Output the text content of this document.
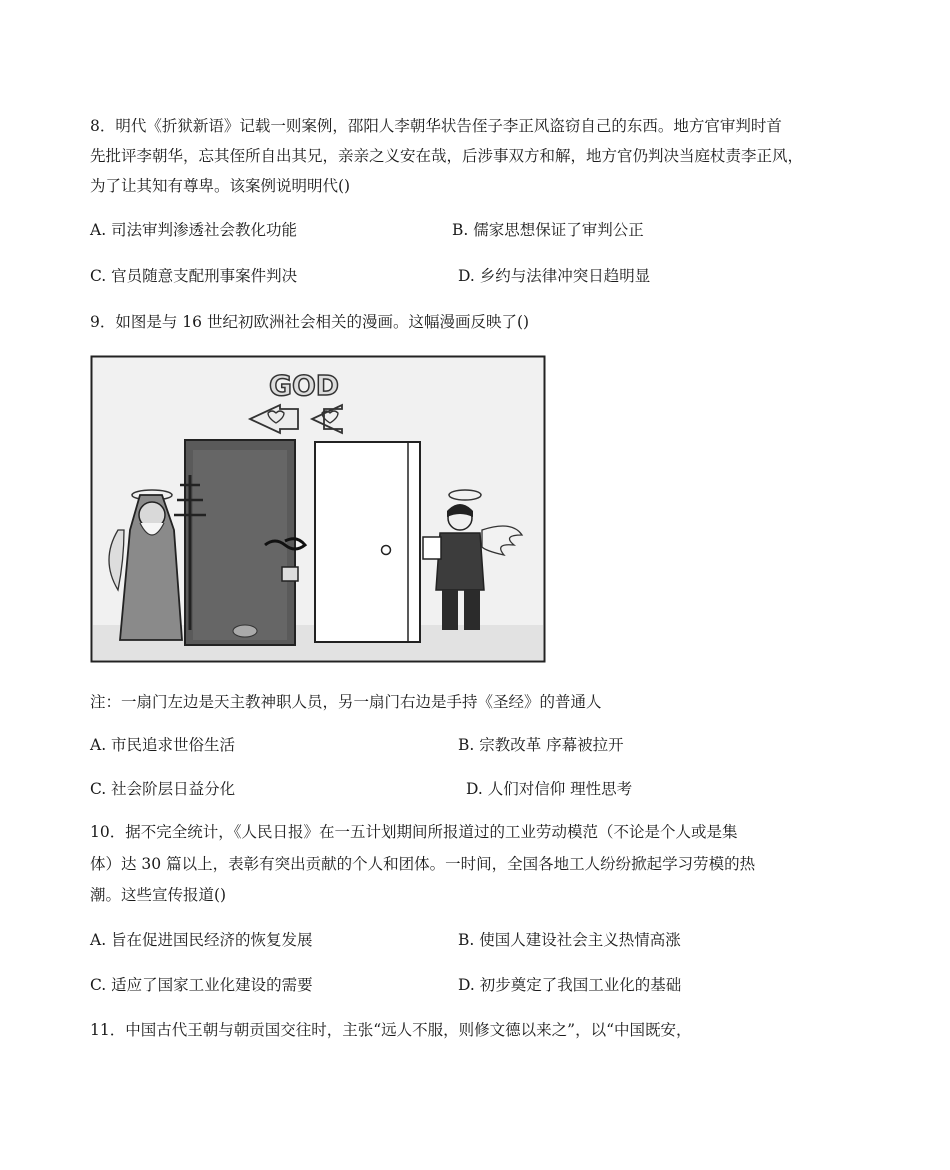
8．明代《折狱新语》记载一则案例，邵阳人李朝华状告侄子李正风盗窃自己的东西。地方官审判时首
先批评李朝华，忘其侄所自出其兄，亲亲之义安在哉，后涉事双方和解，地方官仍判决当庭杖责李正风，
为了让其知有尊卑。该案例说明明代()
A. 司法审判渗透社会教化功能	B. 儒家思想保证了审判公正
C. 官员随意支配刑事案件判决	D. 乡约与法律冲突日趋明显
9．如图是与 16 世纪初欧洲社会相关的漫画。这幅漫画反映了()
GOD
注：一扇门左边是天主教神职人员，另一扇门右边是手持《圣经》的普通人
A. 市民追求世俗生活	B. 宗教改革 序幕被拉开
C. 社会阶层日益分化	D. 人们对信仰 理性思考
10．据不完全统计，《人民日报》在一五计划期间所报道过的工业劳动模范（不论是个人或是集
体）达 30 篇以上，表彰有突出贡献的个人和团体。一时间，全国各地工人纷纷掀起学习劳模的热
潮。这些宣传报道()
A. 旨在促进国民经济的恢复发展	B. 使国人建设社会主义热情高涨
C. 适应了国家工业化建设的需要	D. 初步奠定了我国工业化的基础
11．中国古代王朝与朝贡国交往时，主张“远人不服，则修文德以来之”，以“中国既安，
